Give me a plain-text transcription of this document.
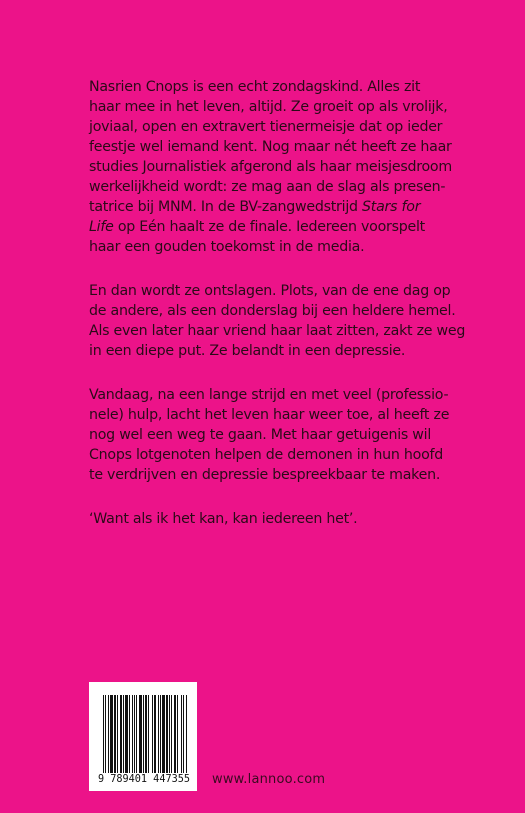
Nasrien Cnops is een echt zondagskind. Alles zit
haar mee in het leven, altijd. Ze groeit op als vrolijk,
joviaal, open en extravert tienermeisje dat op ieder
feestje wel iemand kent. Nog maar nét heeft ze haar
studies Journalistiek afgerond als haar meisjesdroom
werkelijkheid wordt: ze mag aan de slag als presen-
tatrice bij MNM. In de BV-zangwedstrijd Stars for
Life op Eén haalt ze de finale. Iedereen voorspelt
haar een gouden toekomst in de media.

En dan wordt ze ontslagen. Plots, van de ene dag op
de andere, als een donderslag bij een heldere hemel.
Als even later haar vriend haar laat zitten, zakt ze weg
in een diepe put. Ze belandt in een depressie.

Vandaag, na een lange strijd en met veel (professio-
nele) hulp, lacht het leven haar weer toe, al heeft ze
nog wel een weg te gaan. Met haar getuigenis wil
Cnops lotgenoten helpen de demonen in hun hoofd
te verdrijven en depressie bespreekbaar te maken.

‘Want als ik het kan, kan iedereen het’.

9 789401 447355	www.lannoo.com
